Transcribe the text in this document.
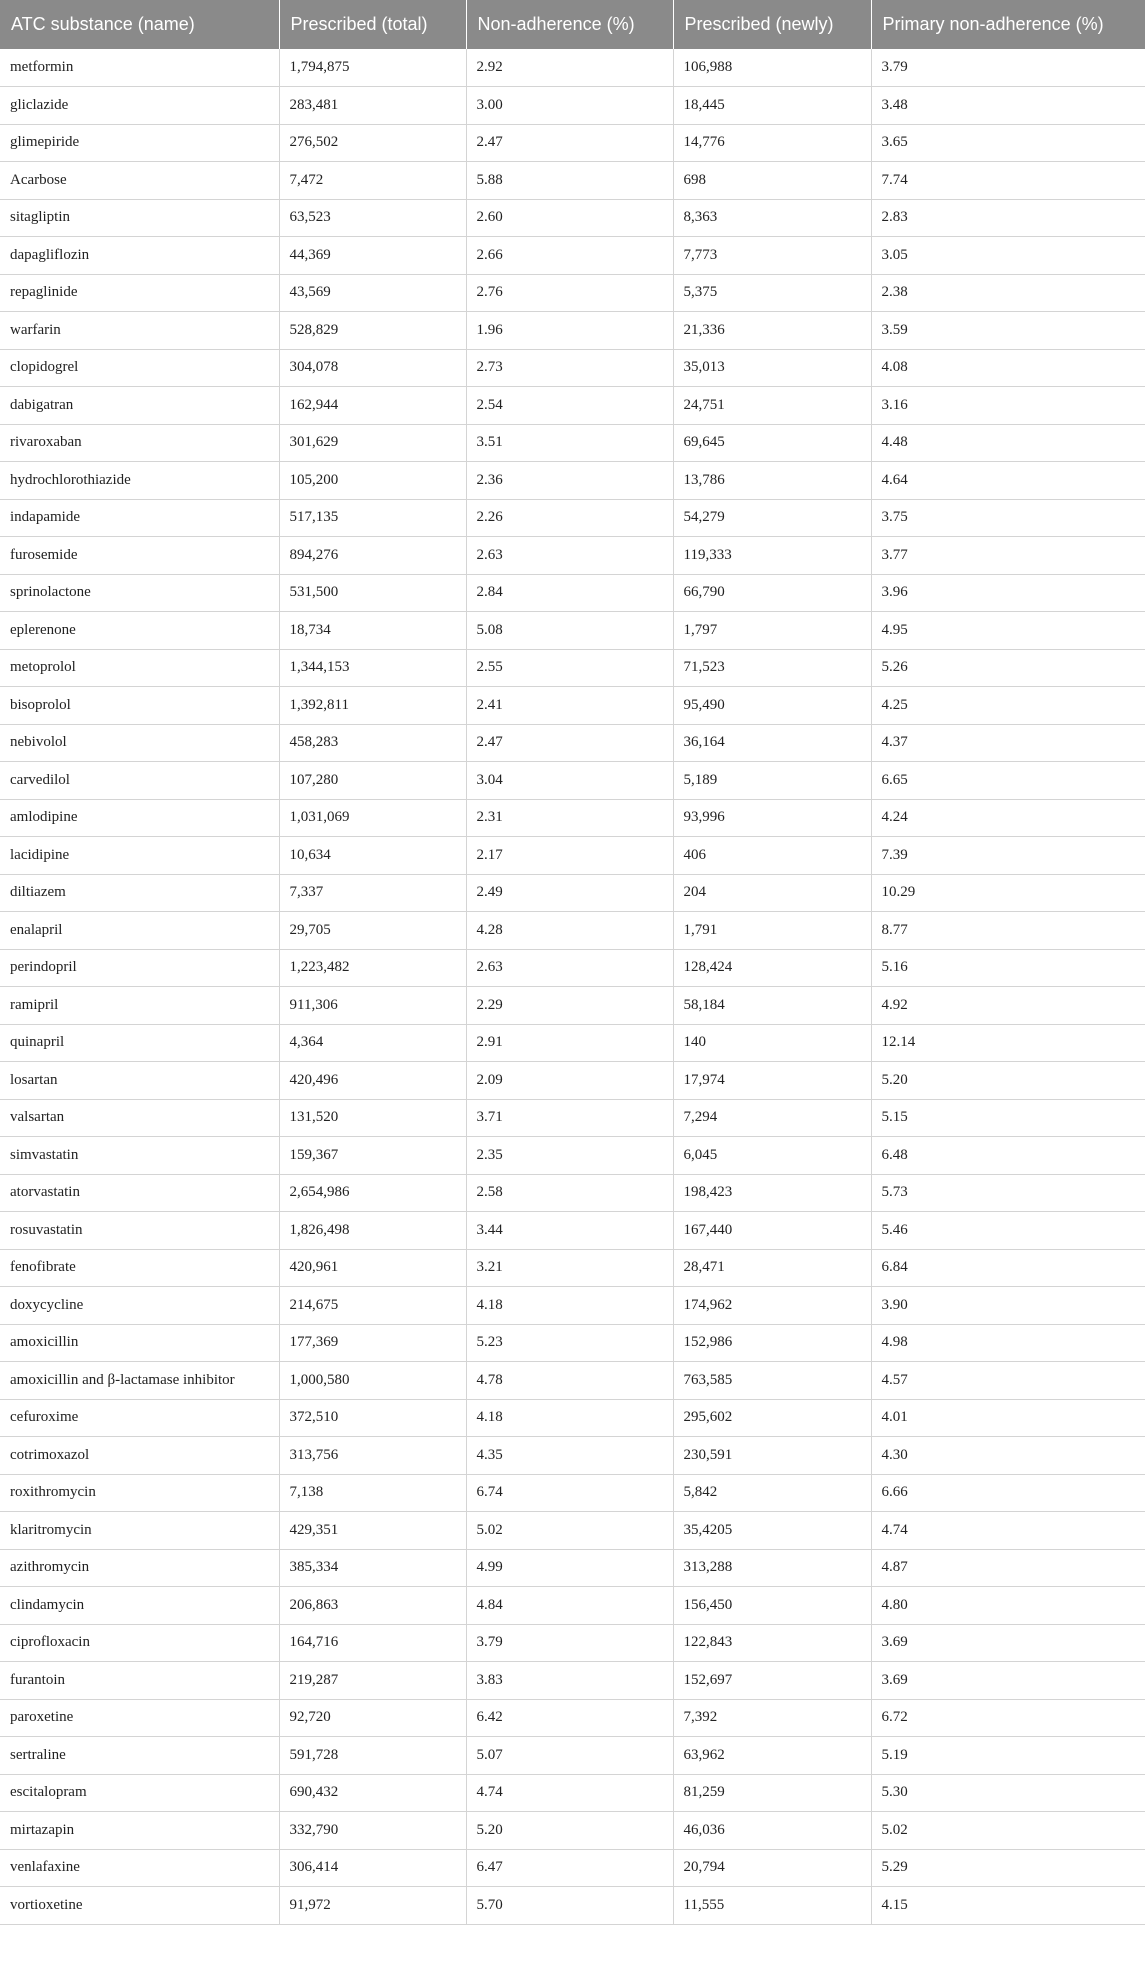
ATC substance (name)	Prescribed (total)	Non-adherence (%)	Prescribed (newly)	Primary non-adherence (%)
metformin	1,794,875	2.92	106,988	3.79
gliclazide	283,481	3.00	18,445	3.48
glimepiride	276,502	2.47	14,776	3.65
Acarbose	7,472	5.88	698	7.74
sitagliptin	63,523	2.60	8,363	2.83
dapagliflozin	44,369	2.66	7,773	3.05
repaglinide	43,569	2.76	5,375	2.38
warfarin	528,829	1.96	21,336	3.59
clopidogrel	304,078	2.73	35,013	4.08
dabigatran	162,944	2.54	24,751	3.16
rivaroxaban	301,629	3.51	69,645	4.48
hydrochlorothiazide	105,200	2.36	13,786	4.64
indapamide	517,135	2.26	54,279	3.75
furosemide	894,276	2.63	119,333	3.77
sprinolactone	531,500	2.84	66,790	3.96
eplerenone	18,734	5.08	1,797	4.95
metoprolol	1,344,153	2.55	71,523	5.26
bisoprolol	1,392,811	2.41	95,490	4.25
nebivolol	458,283	2.47	36,164	4.37
carvedilol	107,280	3.04	5,189	6.65
amlodipine	1,031,069	2.31	93,996	4.24
lacidipine	10,634	2.17	406	7.39
diltiazem	7,337	2.49	204	10.29
enalapril	29,705	4.28	1,791	8.77
perindopril	1,223,482	2.63	128,424	5.16
ramipril	911,306	2.29	58,184	4.92
quinapril	4,364	2.91	140	12.14
losartan	420,496	2.09	17,974	5.20
valsartan	131,520	3.71	7,294	5.15
simvastatin	159,367	2.35	6,045	6.48
atorvastatin	2,654,986	2.58	198,423	5.73
rosuvastatin	1,826,498	3.44	167,440	5.46
fenofibrate	420,961	3.21	28,471	6.84
doxycycline	214,675	4.18	174,962	3.90
amoxicillin	177,369	5.23	152,986	4.98
amoxicillin and β-lactamase inhibitor	1,000,580	4.78	763,585	4.57
cefuroxime	372,510	4.18	295,602	4.01
cotrimoxazol	313,756	4.35	230,591	4.30
roxithromycin	7,138	6.74	5,842	6.66
klaritromycin	429,351	5.02	35,4205	4.74
azithromycin	385,334	4.99	313,288	4.87
clindamycin	206,863	4.84	156,450	4.80
ciprofloxacin	164,716	3.79	122,843	3.69
furantoin	219,287	3.83	152,697	3.69
paroxetine	92,720	6.42	7,392	6.72
sertraline	591,728	5.07	63,962	5.19
escitalopram	690,432	4.74	81,259	5.30
mirtazapin	332,790	5.20	46,036	5.02
venlafaxine	306,414	6.47	20,794	5.29
vortioxetine	91,972	5.70	11,555	4.15
